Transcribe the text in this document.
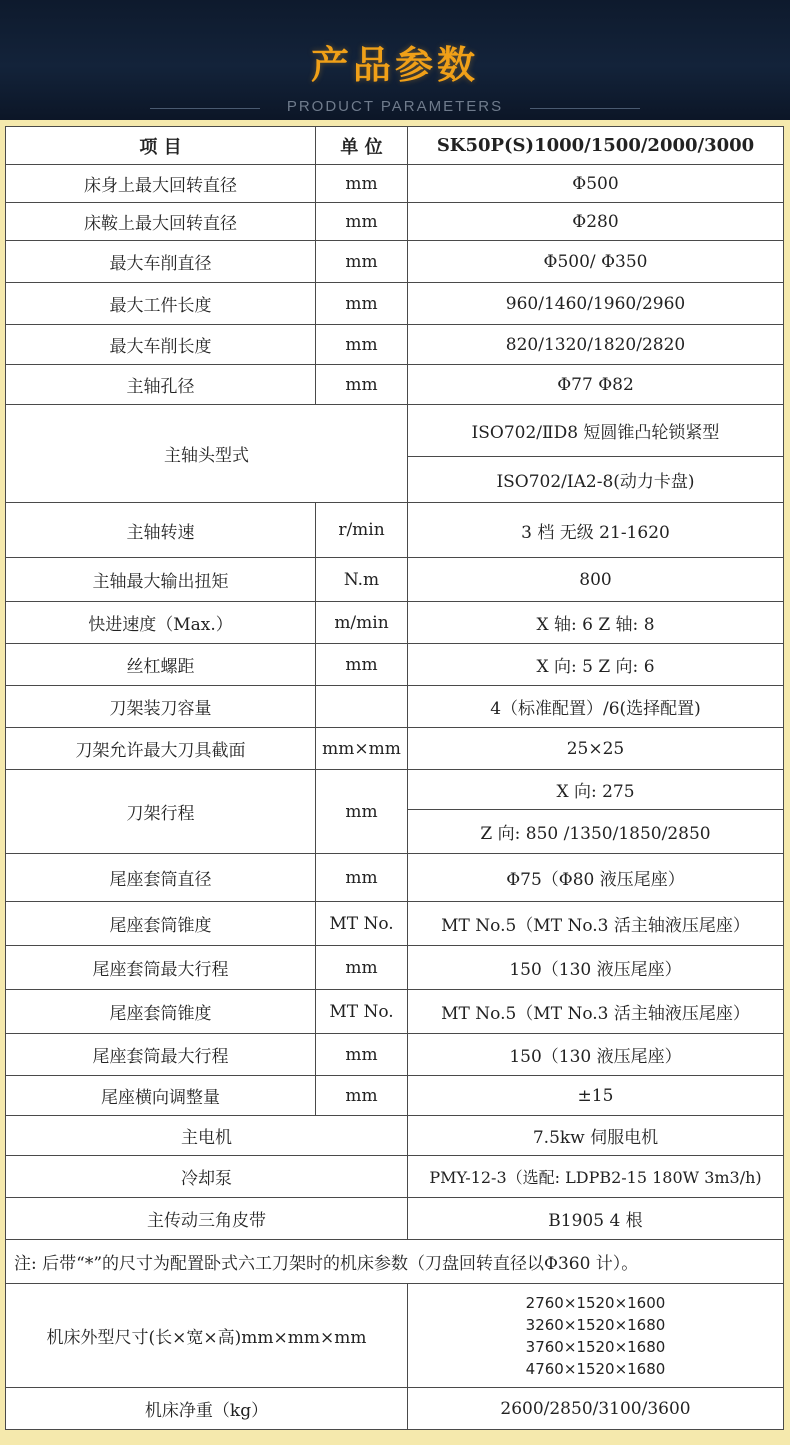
产品参数
PRODUCT PARAMETERS
项 目	单 位	SK50P(S)1000/1500/2000/3000
床身上最大回转直径	mm	Φ500
床鞍上最大回转直径	mm	Φ280
最大车削直径	mm	Φ500/ Φ350
最大工件长度	mm	960/1460/1960/2960
最大车削长度	mm	820/1320/1820/2820
主轴孔径	mm	Φ77 Φ82
主轴头型式		ISO702/ⅡD8 短圆锥凸轮锁紧型
		ISO702/ⅠA2-8(动力卡盘)
主轴转速	r/min	3 档 无级 21-1620
主轴最大输出扭矩	N.m	800
快进速度（Max.）	m/min	X 轴: 6 Z 轴: 8
丝杠螺距	mm	X 向: 5 Z 向: 6
刀架装刀容量		4（标准配置）/6(选择配置)
刀架允许最大刀具截面	mm×mm	25×25
刀架行程	mm	X 向: 275
		Z 向: 850 /1350/1850/2850
尾座套筒直径	mm	Φ75（Φ80 液压尾座）
尾座套筒锥度	MT No.	MT No.5（MT No.3 活主轴液压尾座）
尾座套筒最大行程	mm	150（130 液压尾座）
尾座套筒锥度	MT No.	MT No.5（MT No.3 活主轴液压尾座）
尾座套筒最大行程	mm	150（130 液压尾座）
尾座横向调整量	mm	±15
主电机		7.5kw 伺服电机
冷却泵		PMY-12-3（选配: LDPB2-15 180W 3m3/h)
主传动三角皮带		B1905 4 根
注: 后带“*”的尺寸为配置卧式六工刀架时的机床参数（刀盘回转直径以Φ360 计）。		
机床外型尺寸(长×宽×高)mm×mm×mm		2760×1520×1600
3260×1520×1680
3760×1520×1680
4760×1520×1680

机床净重（kg）		2600/2850/3100/3600
